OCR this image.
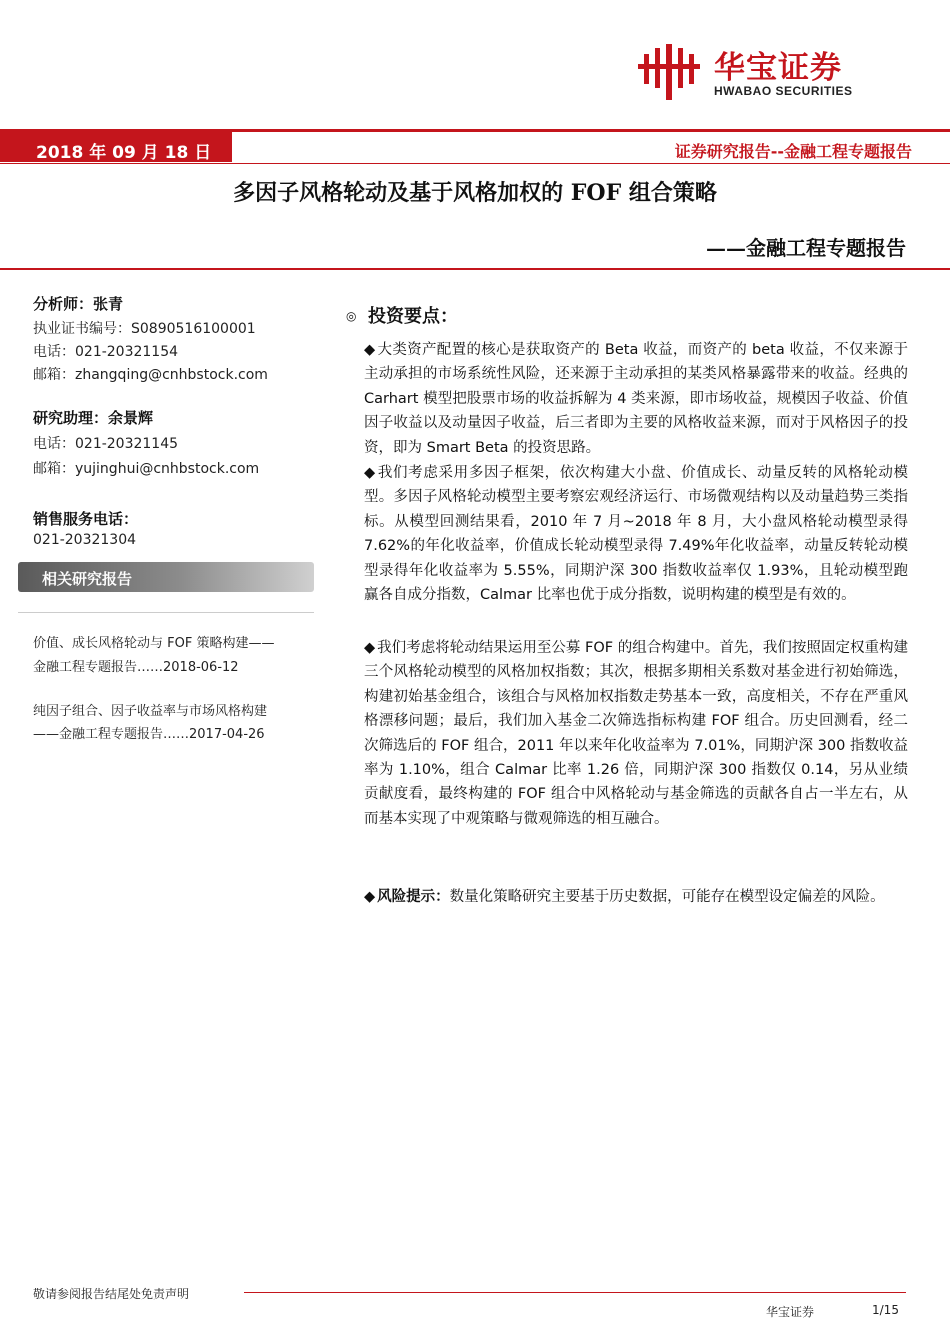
华宝证券
HWABAO SECURITIES
2018 年 09 月 18 日	证券研究报告--金融工程专题报告
多因子风格轮动及基于风格加权的 FOF 组合策略
——金融工程专题报告
分析师：张青
执业证书编号：S0890516100001
电话：021-20321154
邮箱：zhangqing@cnhbstock.com
研究助理：余景辉
电话：021-20321145
邮箱：yujinghui@cnhbstock.com
销售服务电话：
021-20321304
相关研究报告
价值、成长风格轮动与 FOF 策略构建——
金融工程专题报告……2018-06-12
纯因子组合、因子收益率与市场风格构建
——金融工程专题报告……2017-04-26
◎ 投资要点：

◆ 大类资产配置的核心是获取资产的 Beta 收益，而资产的 beta 收益，不仅来源于主动承担的市场系统性风险，还来源于主动承担的某类风格暴露带来的收益。经典的 Carhart 模型把股票市场的收益拆解为 4 类来源，即市场收益，规模因子收益、价值因子收益以及动量因子收益，后三者即为主要的风格收益来源，而对于风格因子的投资，即为 Smart Beta 的投资思路。

◆ 我们考虑采用多因子框架，依次构建大小盘、价值成长、动量反转的风格轮动模型。多因子风格轮动模型主要考察宏观经济运行、市场微观结构以及动量趋势三类指标。从模型回测结果看，2010 年 7 月~2018 年 8 月，大小盘风格轮动模型录得 7.62%的年化收益率，价值成长轮动模型录得 7.49%年化收益率，动量反转轮动模型录得年化收益率为 5.55%，同期沪深 300 指数收益率仅 1.93%，且轮动模型跑赢各自成分指数，Calmar 比率也优于成分指数，说明构建的模型是有效的。

◆ 我们考虑将轮动结果运用至公募 FOF 的组合构建中。首先，我们按照固定权重构建三个风格轮动模型的风格加权指数；其次，根据多期相关系数对基金进行初始筛选，构建初始基金组合，该组合与风格加权指数走势基本一致，高度相关，不存在严重风格漂移问题；最后，我们加入基金二次筛选指标构建 FOF 组合。历史回测看，经二次筛选后的 FOF 组合，2011 年以来年化收益率为 7.01%，同期沪深 300 指数收益率为 1.10%，组合 Calmar 比率 1.26 倍，同期沪深 300 指数仅 0.14，另从业绩贡献度看，最终构建的 FOF 组合中风格轮动与基金筛选的贡献各自占一半左右，从而基本实现了中观策略与微观筛选的相互融合。

◆ 风险提示：数量化策略研究主要基于历史数据，可能存在模型设定偏差的风险。

敬请参阅报告结尾处免责声明
华宝证券	1/15
